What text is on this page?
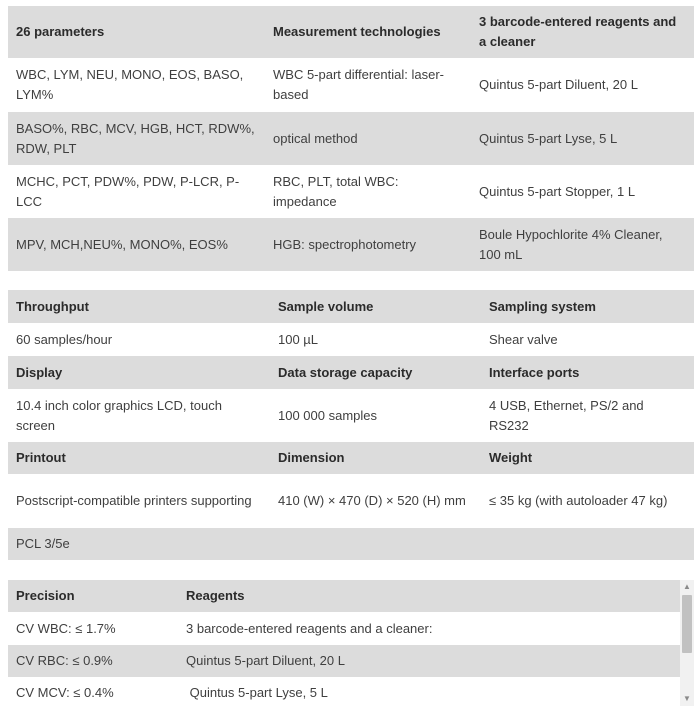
26 parameters	Measurement technologies	3 barcode-entered reagents and a cleaner
WBC, LYM, NEU, MONO, EOS, BASO, LYM%	WBC 5-part differential: laser-based	Quintus 5-part Diluent, 20 L
BASO%, RBC, MCV, HGB, HCT, RDW%, RDW, PLT	optical method	Quintus 5-part Lyse, 5 L
MCHC, PCT, PDW%, PDW, P-LCR, P-LCC	RBC, PLT, total WBC: impedance	Quintus 5-part Stopper, 1 L
MPV, MCH,NEU%, MONO%, EOS%	HGB: spectrophotometry	Boule Hypochlorite 4% Cleaner, 100 mL
Throughput	Sample volume	Sampling system
60 samples/hour	100 µL	Shear valve
Display	Data storage capacity	Interface ports
10.4 inch color graphics LCD, touch screen	100 000 samples	4 USB, Ethernet, PS/2 and RS232
Printout	Dimension	Weight
Postscript-compatible printers supporting	410 (W) × 470 (D) × 520 (H) mm	≤ 35 kg (with autoloader 47 kg)
PCL 3/5e		
Precision	Reagents
CV WBC: ≤ 1.7%	3 barcode-entered reagents and a cleaner:
CV RBC: ≤ 0.9%	Quintus 5-part Diluent, 20 L
CV MCV: ≤ 0.4%	Quintus 5-part Lyse, 5 L
▲
▼
